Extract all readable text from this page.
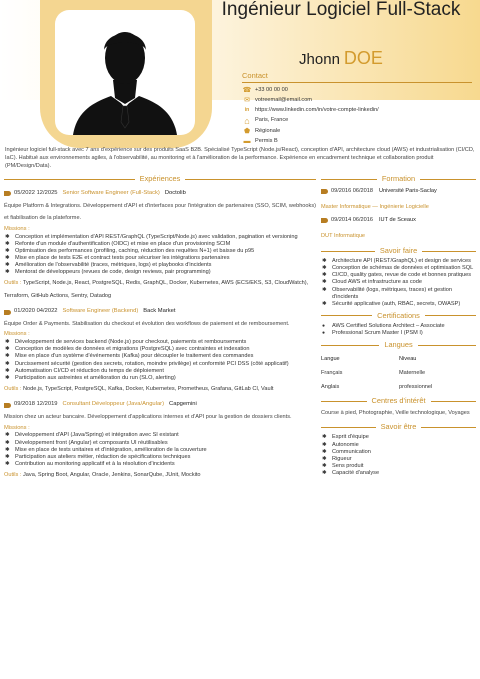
Ingénieur Logiciel Full-Stack
Jhonn DOE
Contact
☎ +33 00 00 00
✉ votreemail@email.com
in	https://www.linkedin.com/in/votre-compte-linkedin/
⌂ Paris, France
⬟ Régionale
▬ Permis B
Ingénieur logiciel full-stack avec 7 ans d'expérience sur des produits SaaS B2B. Spécialisé TypeScript (Node.js/React), conception d'API, architecture cloud (AWS) et industrialisation (CI/CD, IaC). Habitué aux environnements agiles, à l'observabilité, au monitoring et à l'amélioration de la performance. Expérience en encadrement technique et collaboration produit (PM/Design/Data).
Expériences
05/2022 12/2025 Senior Software Engineer (Full-Stack) Doctolib
Équipe Platform & Integrations. Développement d'API et d'interfaces pour l'intégration de partenaires (SSO, SCIM, webhooks) et fiabilisation de la plateforme.
Missions :
✱ Conception et implémentation d'API REST/GraphQL (TypeScript/Node.js) avec validation, pagination et versioning
✱ Refonte d'un module d'authentification (OIDC) et mise en place d'un provisioning SCIM
✱ Optimisation des performances (profiling, caching, réduction des requêtes N+1) et baisse du p95
✱ Mise en place de tests E2E et contract tests pour sécuriser les intégrations partenaires
✱ Amélioration de l'observabilité (traces, métriques, logs) et playbooks d'incidents
✱ Mentorat de développeurs (revues de code, design reviews, pair programming)
Outils : TypeScript, Node.js, React, PostgreSQL, Redis, GraphQL, Docker, Kubernetes, AWS (ECS/EKS, S3, CloudWatch), Terraform, GitHub Actions, Sentry, Datadog
01/2020 04/2022 Software Engineer (Backend) Back Market
Équipe Order & Payments. Stabilisation du checkout et évolution des workflows de paiement et de remboursement.
Missions :
✱ Développement de services backend (Node.js) pour checkout, paiements et remboursements
✱ Conception de modèles de données et migrations (PostgreSQL) avec contraintes et indexation
✱ Mise en place d'un système d'événements (Kafka) pour découpler le traitement des commandes
✱ Durcissement sécurité (gestion des secrets, rotation, moindre privilège) et conformité PCI DSS (côté applicatif)
✱ Automatisation CI/CD et réduction du temps de déploiement
✱ Participation aux astreintes et amélioration du run (SLO, alerting)
Outils : Node.js, TypeScript, PostgreSQL, Kafka, Docker, Kubernetes, Prometheus, Grafana, GitLab CI, Vault
09/2018 12/2019 Consultant Développeur (Java/Angular) Capgemini
Mission chez un acteur bancaire. Développement d'applications internes et d'API pour la gestion de dossiers clients.
Missions :
✱ Développement d'API (Java/Spring) et intégration avec SI existant
✱ Développement front (Angular) et composants UI réutilisables
✱ Mise en place de tests unitaires et d'intégration, amélioration de la couverture
✱ Participation aux ateliers métier, rédaction de spécifications techniques
✱ Contribution au monitoring applicatif et à la résolution d'incidents
Outils : Java, Spring Boot, Angular, Oracle, Jenkins, SonarQube, JUnit, Mockito
Formation
09/2016 06/2018 Université Paris-Saclay
Master Informatique — Ingénierie Logicielle
09/2014 06/2016 IUT de Sceaux
DUT Informatique
Savoir faire
✱ Architecture API (REST/GraphQL) et design de services
✱ Conception de schémas de données et optimisation SQL
✱ CI/CD, quality gates, revue de code et bonnes pratiques
✱ Cloud AWS et infrastructure as code
✱ Observabilité (logs, métriques, traces) et gestion d'incidents
✱ Sécurité applicative (auth, RBAC, secrets, OWASP)
Certifications
● AWS Certified Solutions Architect – Associate
● Professional Scrum Master I (PSM I)
Langues
Langue	Niveau
Français	Maternelle
Anglais	professionnel
Centres d'intérêt
Course à pied, Photographie, Veille technologique, Voyages
Savoir être
✱ Esprit d'équipe
✱ Autonomie
✱ Communication
✱ Rigueur
✱ Sens produit
✱ Capacité d'analyse
